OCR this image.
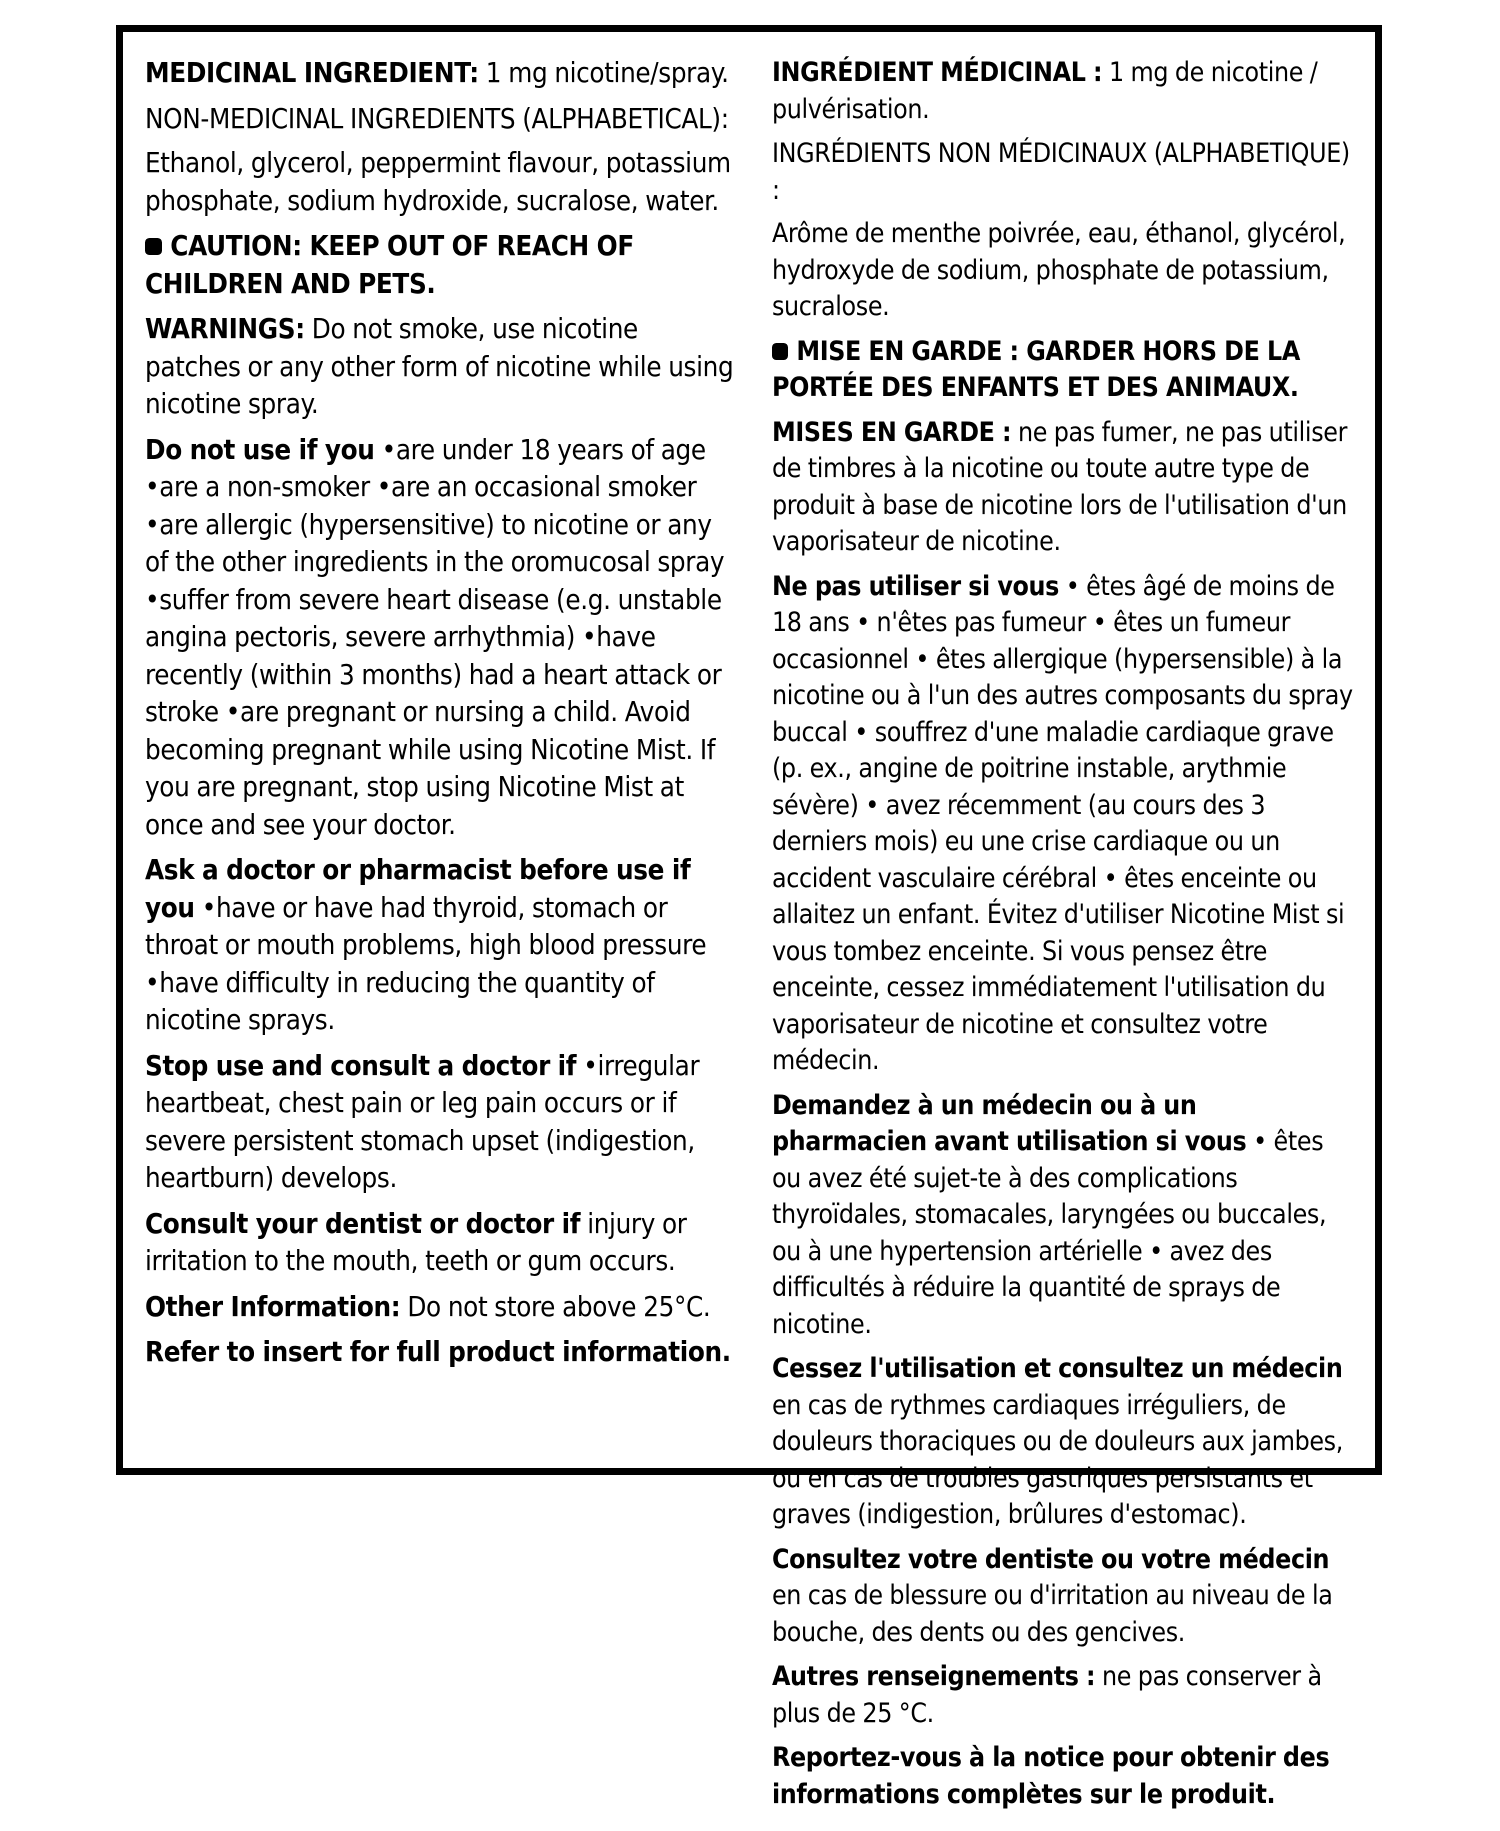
MEDICINAL INGREDIENT: 1 mg nicotine/spray.

NON-MEDICINAL INGREDIENTS (ALPHABETICAL):

Ethanol, glycerol, peppermint flavour, potassium phosphate, sodium hydroxide, sucralose, water.

CAUTION: KEEP OUT OF REACH OF CHILDREN AND PETS.

WARNINGS: Do not smoke, use nicotine patches or any other form of nicotine while using nicotine spray.

Do not use if you •are under 18 years of age •are a non-smoker •are an occasional smoker •are allergic (hypersensitive) to nicotine or any of the other ingredients in the oromucosal spray •suffer from severe heart disease (e.g. unstable angina pectoris, severe arrhythmia) •have recently (within 3 months) had a heart attack or stroke •are pregnant or nursing a child. Avoid becoming pregnant while using Nicotine Mist. If you are pregnant, stop using Nicotine Mist at once and see your doctor.

Ask a doctor or pharmacist before use if you •have or have had thyroid, stomach or throat or mouth problems, high blood pressure •have difficulty in reducing the quantity of nicotine sprays.

Stop use and consult a doctor if •irregular heartbeat, chest pain or leg pain occurs or if severe persistent stomach upset (indigestion, heartburn) develops.

Consult your dentist or doctor if injury or irritation to the mouth, teeth or gum occurs.

Other Information: Do not store above 25°C.

Refer to insert for full product information.

INGRÉDIENT MÉDICINAL : 1 mg de nicotine / pulvérisation.

INGRÉDIENTS NON MÉDICINAUX (ALPHABETIQUE) :

Arôme de menthe poivrée, eau, éthanol, glycérol, hydroxyde de sodium, phosphate de potassium, sucralose.

MISE EN GARDE : GARDER HORS DE LA PORTÉE DES ENFANTS ET DES ANIMAUX.

MISES EN GARDE : ne pas fumer, ne pas utiliser de timbres à la nicotine ou toute autre type de produit à base de nicotine lors de l'utilisation d'un vaporisateur de nicotine.

Ne pas utiliser si vous • êtes âgé de moins de 18 ans • n'êtes pas fumeur • êtes un fumeur occasionnel • êtes allergique (hypersensible) à la nicotine ou à l'un des autres composants du spray buccal • souffrez d'une maladie cardiaque grave (p. ex., angine de poitrine instable, arythmie sévère) • avez récemment (au cours des 3 derniers mois) eu une crise cardiaque ou un accident vasculaire cérébral • êtes enceinte ou allaitez un enfant. Évitez d'utiliser Nicotine Mist si vous tombez enceinte. Si vous pensez être enceinte, cessez immédiatement l'utilisation du vaporisateur de nicotine et consultez votre médecin.

Demandez à un médecin ou à un pharmacien avant utilisation si vous • êtes ou avez été sujet-te à des complications thyroïdales, stomacales, laryngées ou buccales, ou à une hypertension artérielle • avez des difficultés à réduire la quantité de sprays de nicotine.

Cessez l'utilisation et consultez un médecin en cas de rythmes cardiaques irréguliers, de douleurs thoraciques ou de douleurs aux jambes, ou en cas de troubles gastriques persistants et graves (indigestion, brûlures d'estomac).

Consultez votre dentiste ou votre médecin en cas de blessure ou d'irritation au niveau de la bouche, des dents ou des gencives.

Autres renseignements : ne pas conserver à plus de 25 °C.

Reportez-vous à la notice pour obtenir des informations complètes sur le produit.
